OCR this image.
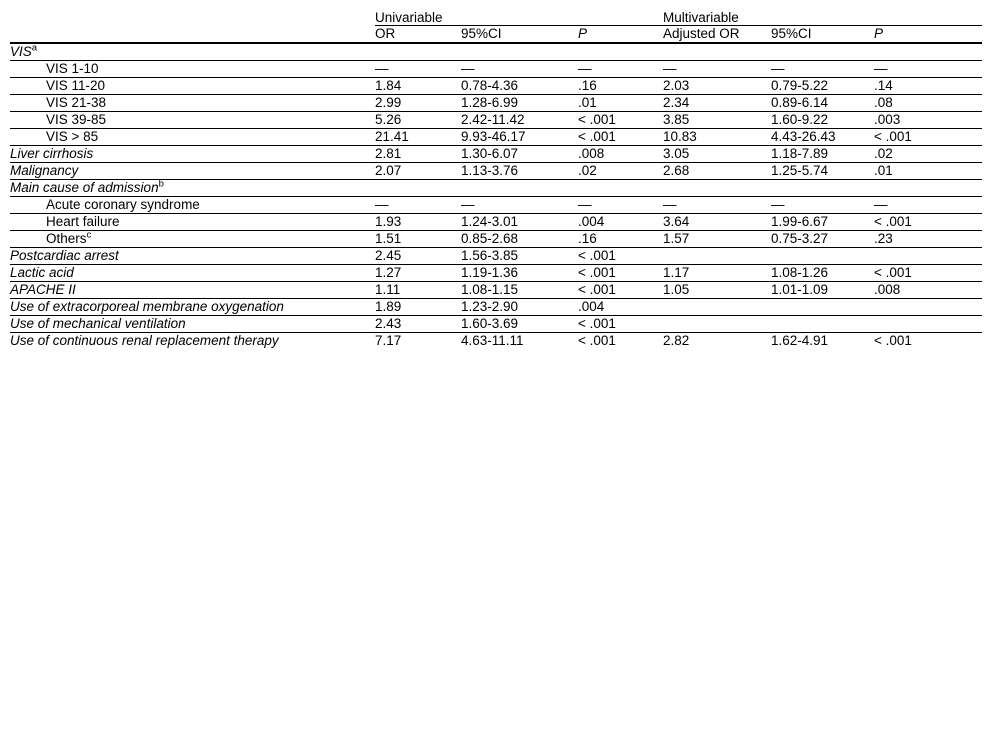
	Univariable			Multivariable		

	OR	95%CI	P	Adjusted OR	95%CI	P
VIS$^a$						
VIS 1-10	—	—	—	—	—	—
VIS 11-20	1.84	0.78-4.36	.16	2.03	0.79-5.22	.14
VIS 21-38	2.99	1.28-6.99	.01	2.34	0.89-6.14	.08
VIS 39-85	5.26	2.42-11.42	< .001	3.85	1.60-9.22	.003
VIS > 85	21.41	9.93-46.17	< .001	10.83	4.43-26.43	< .001
Liver cirrhosis	2.81	1.30-6.07	.008	3.05	1.18-7.89	.02
Malignancy	2.07	1.13-3.76	.02	2.68	1.25-5.74	.01
Main cause of admission$^b$						
Acute coronary syndrome	—	—	—	—	—	—
Heart failure	1.93	1.24-3.01	.004	3.64	1.99-6.67	< .001
Others$^c$	1.51	0.85-2.68	.16	1.57	0.75-3.27	.23
Postcardiac arrest	2.45	1.56-3.85	< .001			
Lactic acid	1.27	1.19-1.36	< .001	1.17	1.08-1.26	< .001
APACHE II	1.11	1.08-1.15	< .001	1.05	1.01-1.09	.008
Use of extracorporeal membrane oxygenation	1.89	1.23-2.90	.004			
Use of mechanical ventilation	2.43	1.60-3.69	< .001			
Use of continuous renal replacement therapy	7.17	4.63-11.11	< .001	2.82	1.62-4.91	< .001
